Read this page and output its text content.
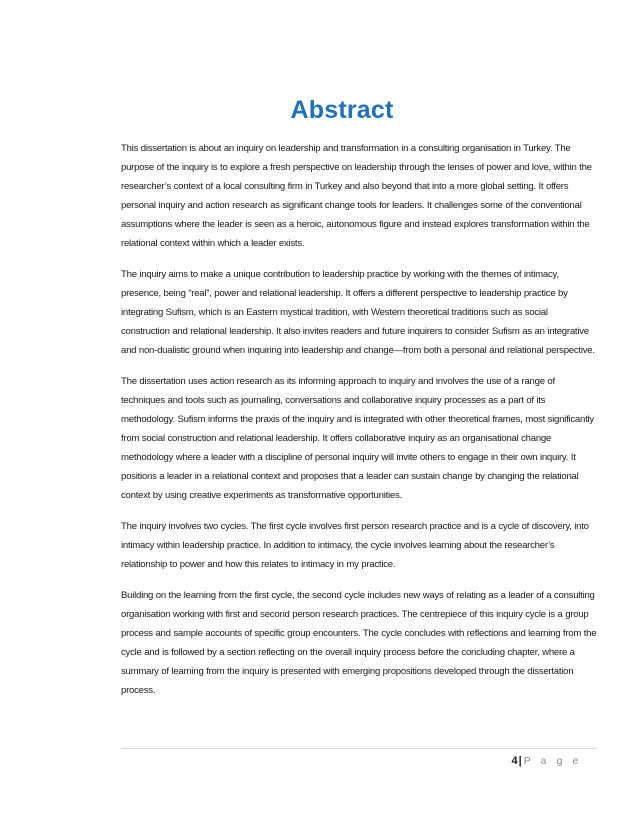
Abstract

This dissertation is about an inquiry on leadership and transformation in a consulting organisation in Turkey. The purpose of the inquiry is to explore a fresh perspective on leadership through the lenses of power and love, within the researcher’s context of a local consulting firm in Turkey and also beyond that into a more global setting. It offers personal inquiry and action research as significant change tools for leaders. It challenges some of the conventional assumptions where the leader is seen as a heroic, autonomous figure and instead explores transformation within the relational context within which a leader exists.

The inquiry aims to make a unique contribution to leadership practice by working with the themes of intimacy, presence, being “real”, power and relational leadership. It offers a different perspective to leadership practice by integrating Sufism, which is an Eastern mystical tradition, with Western theoretical traditions such as social construction and relational leadership. It also invites readers and future inquirers to consider Sufism as an integrative and non-dualistic ground when inquiring into leadership and change—from both a personal and relational perspective.

The dissertation uses action research as its informing approach to inquiry and involves the use of a range of techniques and tools such as journaling, conversations and collaborative inquiry processes as a part of its methodology. Sufism informs the praxis of the inquiry and is integrated with other theoretical frames, most significantly from social construction and relational leadership. It offers collaborative inquiry as an organisational change methodology where a leader with a discipline of personal inquiry will invite others to engage in their own inquiry. It positions a leader in a relational context and proposes that a leader can sustain change by changing the relational context by using creative experiments as transformative opportunities.

The inquiry involves two cycles. The first cycle involves first person research practice and is a cycle of discovery, into intimacy within leadership practice. In addition to intimacy, the cycle involves learning about the researcher’s relationship to power and how this relates to intimacy in my practice.

Building on the learning from the first cycle, the second cycle includes new ways of relating as a leader of a consulting organisation working with first and second person research practices. The centrepiece of this inquiry cycle is a group process and sample accounts of specific group encounters. The cycle concludes with reflections and learning from the cycle and is followed by a section reflecting on the overall inquiry process before the concluding chapter, where a summary of learning from the inquiry is presented with emerging propositions developed through the dissertation process.

4| P a g e
